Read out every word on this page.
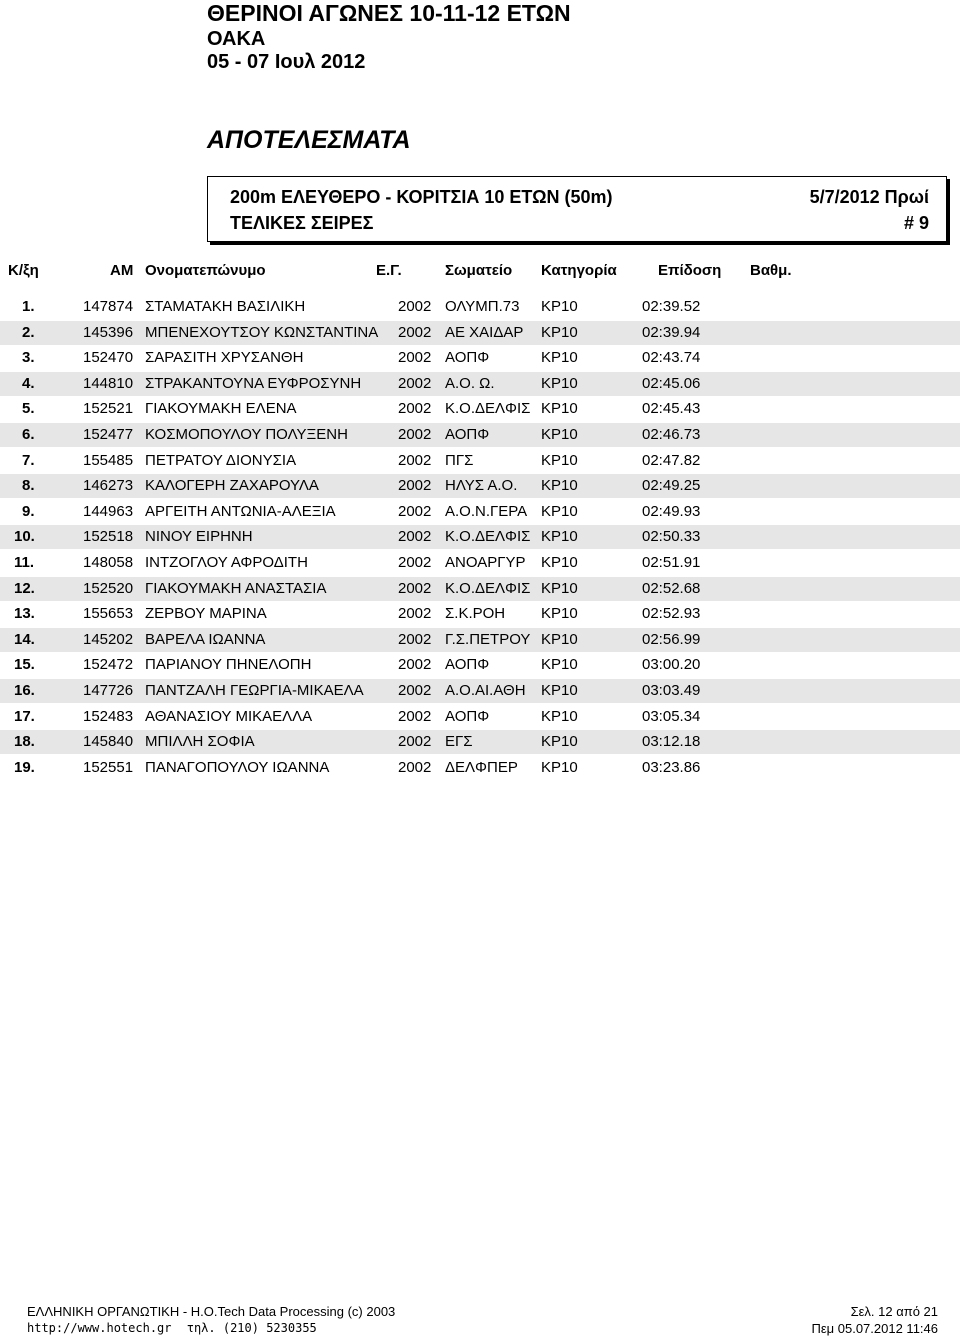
ΘΕΡΙΝΟΙ ΑΓΩΝΕΣ 10-11-12 ΕΤΩΝ
ΟΑΚΑ
05 - 07 Ιουλ 2012
ΑΠΟΤΕΛΕΣΜΑΤΑ
200m ΕΛΕΥΘΕΡΟ - ΚΟΡΙΤΣΙΑ 10 ΕΤΩΝ (50m)	5/7/2012 Πρωί
ΤΕΛΙΚΕΣ ΣΕΙΡΕΣ	# 9
Κ/ξη	ΑΜ Ονοματεπώνυμο	Ε.Γ.	Σωματείο Κατηγορία	Επίδοση Βαθμ.
1.	147874 ΣΤΑΜΑΤΑΚΗ ΒΑΣΙΛΙΚΗ	2002 ΟΛΥΜΠ.73 ΚΡ10	02:39.52
2.	145396 ΜΠΕΝΕΧΟΥΤΣΟΥ ΚΩΝΣΤΑΝΤΙΝΑ 2002 ΑΕ ΧΑΙΔΑΡ ΚΡ10	02:39.94
3.	152470 ΣΑΡΑΣΙΤΗ ΧΡΥΣΑΝΘΗ	2002 ΑΟΠΦ	ΚΡ10	02:43.74
4.	144810 ΣΤΡΑΚΑΝΤΟΥΝΑ ΕΥΦΡΟΣΥΝΗ 2002 Α.Ο. Ω.	ΚΡ10	02:45.06
5.	152521 ΓΙΑΚΟΥΜΑΚΗ ΕΛΕΝΑ	2002 Κ.Ο.ΔΕΛΦΙΣ ΚΡ10	02:45.43
6.	152477 ΚΟΣΜΟΠΟΥΛΟΥ ΠΟΛΥΞΕΝΗ	2002 ΑΟΠΦ	ΚΡ10	02:46.73
7.	155485 ΠΕΤΡΑΤΟΥ ΔΙΟΝΥΣΙΑ	2002 ΠΓΣ	ΚΡ10	02:47.82
8.	146273 ΚΑΛΟΓΕΡΗ ΖΑΧΑΡΟΥΛΑ	2002 ΗΛΥΣ Α.Ο. ΚΡ10	02:49.25
9.	144963 ΑΡΓΕΙΤΗ ΑΝΤΩΝΙΑ-ΑΛΕΞΙΑ	2002 Α.Ο.Ν.ΓΕΡΑ ΚΡ10	02:49.93
10.	152518 ΝΙΝΟΥ ΕΙΡΗΝΗ	2002 Κ.Ο.ΔΕΛΦΙΣ ΚΡ10	02:50.33
11.	148058 ΙΝΤΖΟΓΛΟΥ ΑΦΡΟΔΙΤΗ	2002 ΑΝΟΑΡΓΥΡ ΚΡ10	02:51.91
12.	152520 ΓΙΑΚΟΥΜΑΚΗ ΑΝΑΣΤΑΣΙΑ	2002 Κ.Ο.ΔΕΛΦΙΣ ΚΡ10	02:52.68
13.	155653 ΖΕΡΒΟΥ ΜΑΡΙΝΑ	2002 Σ.Κ.ΡΟΗ ΚΡ10	02:52.93
14.	145202 ΒΑΡΕΛΑ ΙΩΑΝΝΑ	2002 Γ.Σ.ΠΕΤΡΟΥ ΚΡ10	02:56.99
15.	152472 ΠΑΡΙΑΝΟΥ ΠΗΝΕΛΟΠΗ	2002 ΑΟΠΦ	ΚΡ10	03:00.20
16.	147726 ΠΑΝΤΖΑΛΗ ΓΕΩΡΓΙΑ-ΜΙΚΑΕΛΑ 2002 Α.Ο.ΑΙ.ΑΘΗ ΚΡ10	03:03.49
17.	152483 ΑΘΑΝΑΣΙΟΥ ΜΙΚΑΕΛΛΑ	2002 ΑΟΠΦ	ΚΡ10	03:05.34
18.	145840 ΜΠΙΛΛΗ ΣΟΦΙΑ	2002 ΕΓΣ	ΚΡ10	03:12.18
19.	152551 ΠΑΝΑΓΟΠΟΥΛΟΥ ΙΩΑΝΝΑ	2002 ΔΕΛΦΠΕΡ ΚΡ10	03:23.86
ΕΛΛΗΝΙΚΗ ΟΡΓΑΝΩΤΙΚΗ - Η.Ο.Tech Data Processing (c) 2003
http://www.hotech.gr τηλ. (210) 5230355
Σελ. 12 από 21
Πεμ 05.07.2012 11:46
